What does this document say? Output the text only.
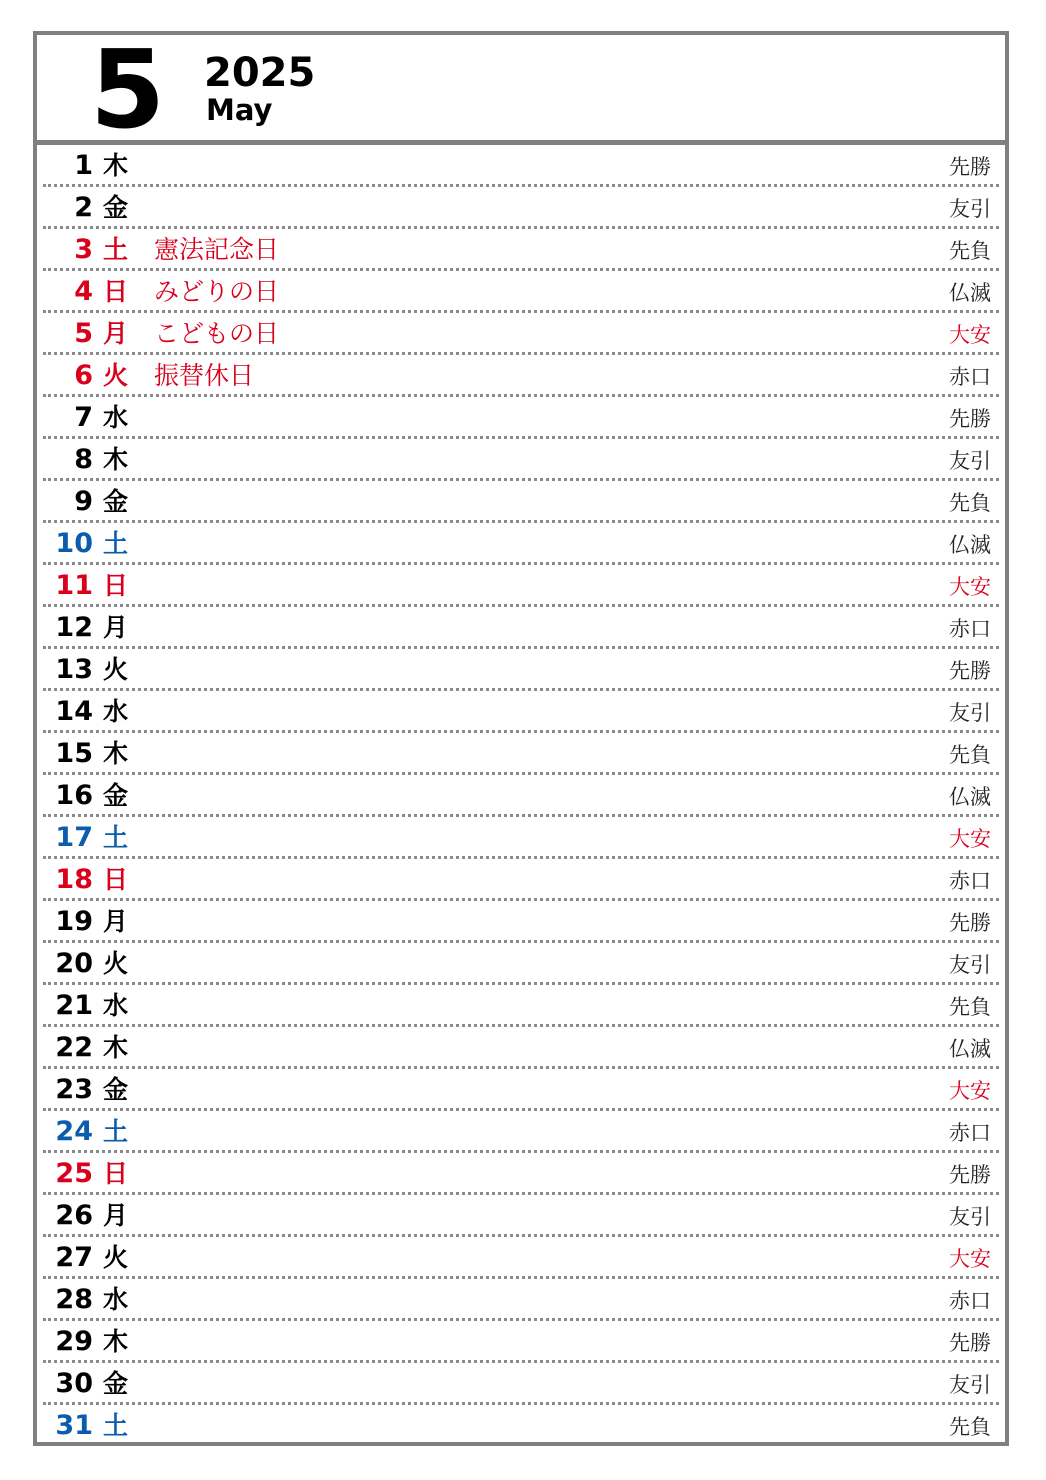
5 2025
May
1 木	先勝
2 金	友引
3 土 憲法記念日	先負
4 日 みどりの日	仏滅
5 月 こどもの日	大安
6 火 振替休日	赤口
7 水	先勝
8 木	友引
9 金	先負
10 土	仏滅
11 日	大安
12 月	赤口
13 火	先勝
14 水	友引
15 木	先負
16 金	仏滅
17 土	大安
18 日	赤口
19 月	先勝
20 火	友引
21 水	先負
22 木	仏滅
23 金	大安
24 土	赤口
25 日	先勝
26 月	友引
27 火	大安
28 水	赤口
29 木	先勝
30 金	友引
31 土	先負
